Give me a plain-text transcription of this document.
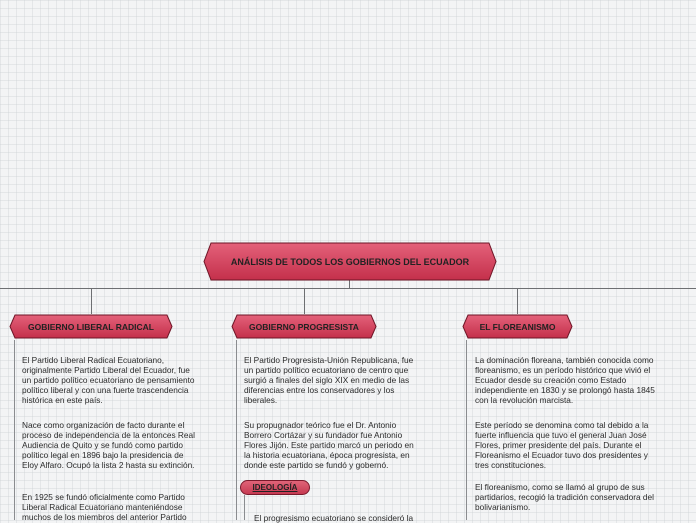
ANÁLISIS DE TODOS LOS GOBIERNOS DEL ECUADOR
GOBIERNO LIBERAL RADICAL	GOBIERNO PROGRESISTA	EL FLOREANISMO

El Partido Liberal Radical Ecuatoriano, originalmente Partido Liberal del Ecuador, fue un partido político ecuatoriano de pensamiento político liberal y con una fuerte trascendencia histórica en este país.

Nace como organización de facto durante el proceso de independencia de la entonces Real Audiencia de Quito y se fundó como partido político legal en 1896 bajo la presidencia de Eloy Alfaro. Ocupó la lista 2 hasta su extinción.

En 1925 se fundó oficialmente como Partido Liberal Radical Ecuatoriano manteniéndose muchos de los miembros del anterior Partido

El Partido Progresista-Unión Republicana, fue un partido político ecuatoriano de centro que surgió a finales del siglo XIX en medio de las diferencias entre los conservadores y los liberales.

Su propugnador teórico fue el Dr. Antonio Borrero Cortázar y su fundador fue Antonio Flores Jijón. Este partido marcó un periodo en la historia ecuatoriana, época progresista, en donde este partido se fundó y gobernó.

IDEOLOGÍA

El progresismo ecuatoriano se consideró la

La dominación floreana, también conocida como floreanismo, es un período histórico que vivió el Ecuador desde su creación como Estado independiente en 1830 y se prolongó hasta 1845 con la revolución marcista.

Este período se denomina como tal debido a la fuerte influencia que tuvo el general Juan José Flores, primer presidente del país. Durante el Floreanismo el Ecuador tuvo dos presidentes y tres constituciones.

El floreanismo, como se llamó al grupo de sus partidarios, recogió la tradición conservadora del bolivarianismo.
